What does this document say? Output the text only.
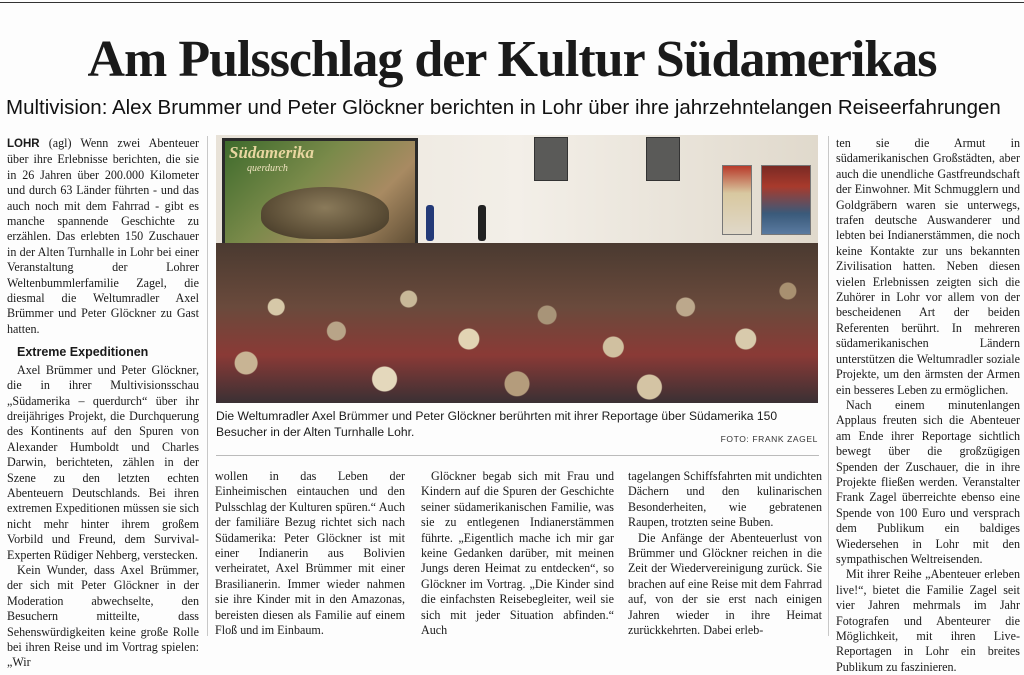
Am Pulsschlag der Kultur Südamerikas
Multivision: Alex Brummer und Peter Glöckner berichten in Lohr über ihre jahrzehntelangen Reiseerfahrungen

LOHR (agl) Wenn zwei Abenteuer über ihre Erlebnisse berichten, die sie in 26 Jahren über 200.000 Kilometer und durch 63 Länder führten - und das auch noch mit dem Fahrrad - gibt es manche spannende Geschichte zu erzählen. Das erlebten 150 Zuschauer in der Alten Turnhalle in Lohr bei einer Veranstaltung der Lohrer Weltenbummlerfamilie Zagel, die diesmal die Weltumradler Axel Brümmer und Peter Glöckner zu Gast hatten.

Extreme Expeditionen

Axel Brümmer und Peter Glöckner, die in ihrer Multivisionsschau „Südamerika – querdurch“ über ihr dreijähriges Projekt, die Durchquerung des Kontinents auf den Spuren von Alexander Humboldt und Charles Darwin, berichteten, zählen in der Szene zu den letzten echten Abenteuern Deutschlands. Bei ihren extremen Expeditionen müssen sie sich nicht mehr hinter ihrem großem Vorbild und Freund, dem Survival-Experten Rüdiger Nehberg, verstecken.

Kein Wunder, dass Axel Brümmer, der sich mit Peter Glöckner in der Moderation abwechselte, den Besuchern mitteilte, dass Sehenswürdigkeiten keine große Rolle bei ihren Reise und im Vortrag spielen: „Wir

Südamerika
querdurch
Die Weltumradler Axel Brümmer und Peter Glöckner berührten mit ihrer Reportage über Südamerika 150 Besucher in der Alten Turnhalle Lohr.
FOTO: FRANK ZAGEL

wollen in das Leben der Einheimischen eintauchen und den Pulsschlag der Kulturen spüren.“ Auch der familiäre Bezug richtet sich nach Südamerika: Peter Glöckner ist mit einer Indianerin aus Bolivien verheiratet, Axel Brümmer mit einer Brasilianerin. Immer wieder nahmen sie ihre Kinder mit in den Amazonas, bereisten diesen als Familie auf einem Floß und im Einbaum.

Glöckner begab sich mit Frau und Kindern auf die Spuren der Geschichte seiner südamerikanischen Familie, was sie zu entlegenen Indianerstämmen führte. „Eigentlich mache ich mir gar keine Gedanken darüber, mit meinen Jungs deren Heimat zu entdecken“, so Glöckner im Vortrag. „Die Kinder sind die einfachsten Reisebegleiter, weil sie sich mit jeder Situation abfinden.“ Auch

tagelangen Schiffsfahrten mit undichten Dächern und den kulinarischen Besonderheiten, wie gebratenen Raupen, trotzten seine Buben.

Die Anfänge der Abenteuerlust von Brümmer und Glöckner reichen in die Zeit der Wiedervereinigung zurück. Sie brachen auf eine Reise mit dem Fahrrad auf, von der sie erst nach einigen Jahren wieder in ihre Heimat zurückkehrten. Dabei erleb-

ten sie die Armut in südamerikanischen Großstädten, aber auch die unendliche Gastfreundschaft der Einwohner. Mit Schmugglern und Goldgräbern waren sie unterwegs, trafen deutsche Auswanderer und lebten bei Indianerstämmen, die noch keine Kontakte zur uns bekannten Zivilisation hatten. Neben diesen vielen Erlebnissen zeigten sich die Zuhörer in Lohr vor allem von der bescheidenen Art der beiden Referenten berührt. In mehreren südamerikanischen Ländern unterstützen die Weltumradler soziale Projekte, um den ärmsten der Armen ein besseres Leben zu ermöglichen.

Nach einem minutenlangen Applaus freuten sich die Abenteuer am Ende ihrer Reportage sichtlich bewegt über die großzügigen Spenden der Zuschauer, die in ihre Projekte fließen werden. Veranstalter Frank Zagel überreichte ebenso eine Spende von 100 Euro und versprach dem Publikum ein baldiges Wiedersehen in Lohr mit den sympathischen Weltreisenden.

Mit ihrer Reihe „Abenteuer erleben live!“, bietet die Familie Zagel seit vier Jahren mehrmals im Jahr Fotografen und Abenteurer die Möglichkeit, mit ihren Live-Reportagen in Lohr ein breites Publikum zu faszinieren.
